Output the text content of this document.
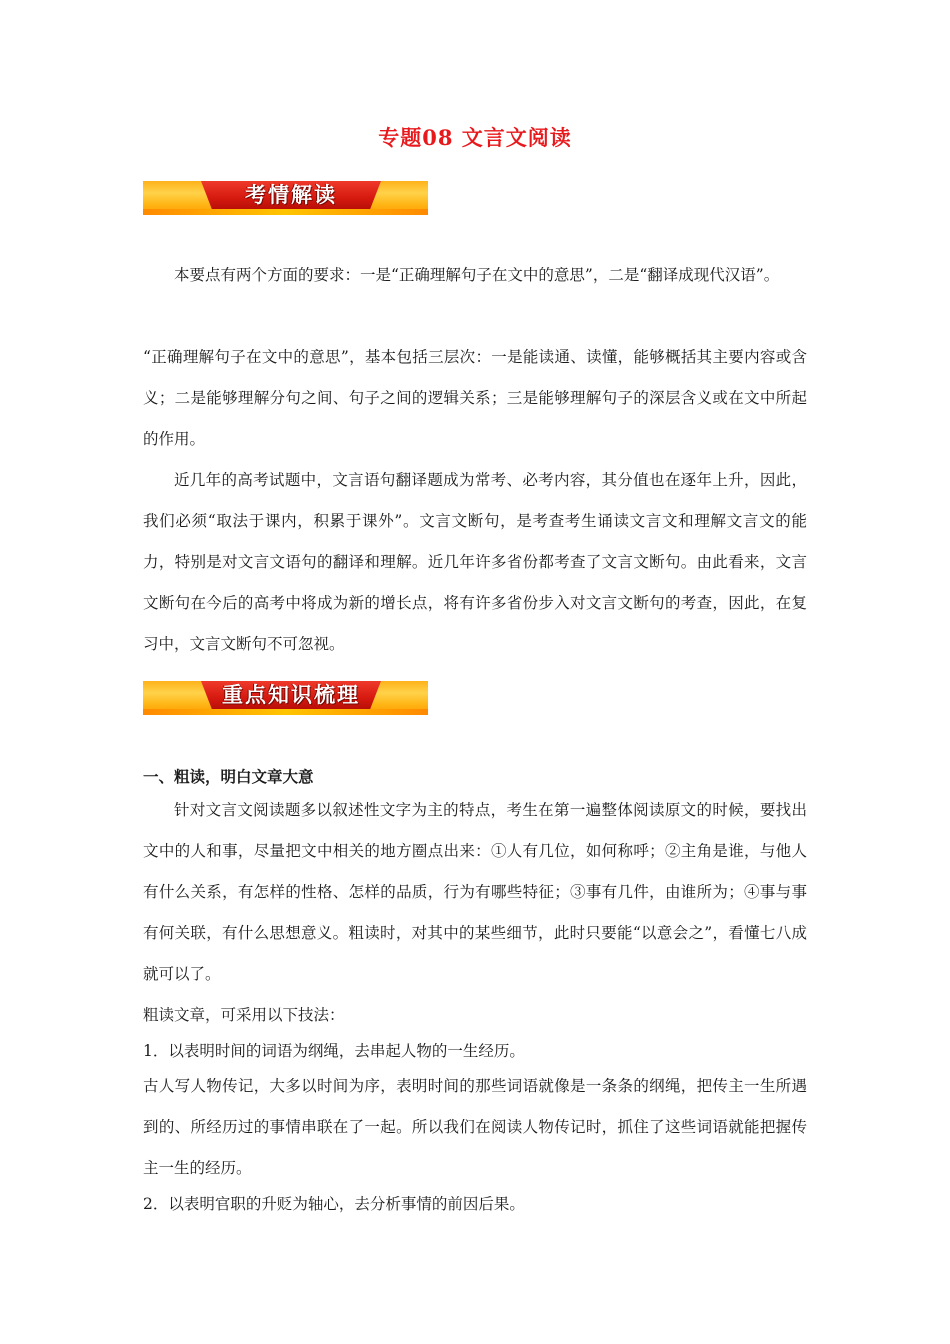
专题08 文言文阅读
考情解读

本要点有两个方面的要求：一是“正确理解句子在文中的意思”，二是“翻译成现代汉语”。

“正确理解句子在文中的意思”，基本包括三层次：一是能读通、读懂，能够概括其主要内容或含义；二是能够理解分句之间、句子之间的逻辑关系；三是能够理解句子的深层含义或在文中所起的作用。

近几年的高考试题中，文言语句翻译题成为常考、必考内容，其分值也在逐年上升，因此，我们必须“取法于课内，积累于课外”。文言文断句，是考查考生诵读文言文和理解文言文的能力，特别是对文言文语句的翻译和理解。近几年许多省份都考查了文言文断句。由此看来，文言文断句在今后的高考中将成为新的增长点，将有许多省份步入对文言文断句的考查，因此，在复习中，文言文断句不可忽视。

重点知识梳理
一、粗读，明白文章大意

针对文言文阅读题多以叙述性文字为主的特点，考生在第一遍整体阅读原文的时候，要找出文中的人和事，尽量把文中相关的地方圈点出来：①人有几位，如何称呼；②主角是谁，与他人有什么关系，有怎样的性格、怎样的品质，行为有哪些特征；③事有几件，由谁所为；④事与事有何关联，有什么思想意义。粗读时，对其中的某些细节，此时只要能“以意会之”，看懂七八成就可以了。

粗读文章，可采用以下技法：

1．以表明时间的词语为纲绳，去串起人物的一生经历。

古人写人物传记，大多以时间为序，表明时间的那些词语就像是一条条的纲绳，把传主一生所遇到的、所经历过的事情串联在了一起。所以我们在阅读人物传记时，抓住了这些词语就能把握传主一生的经历。

2．以表明官职的升贬为轴心，去分析事情的前因后果。
